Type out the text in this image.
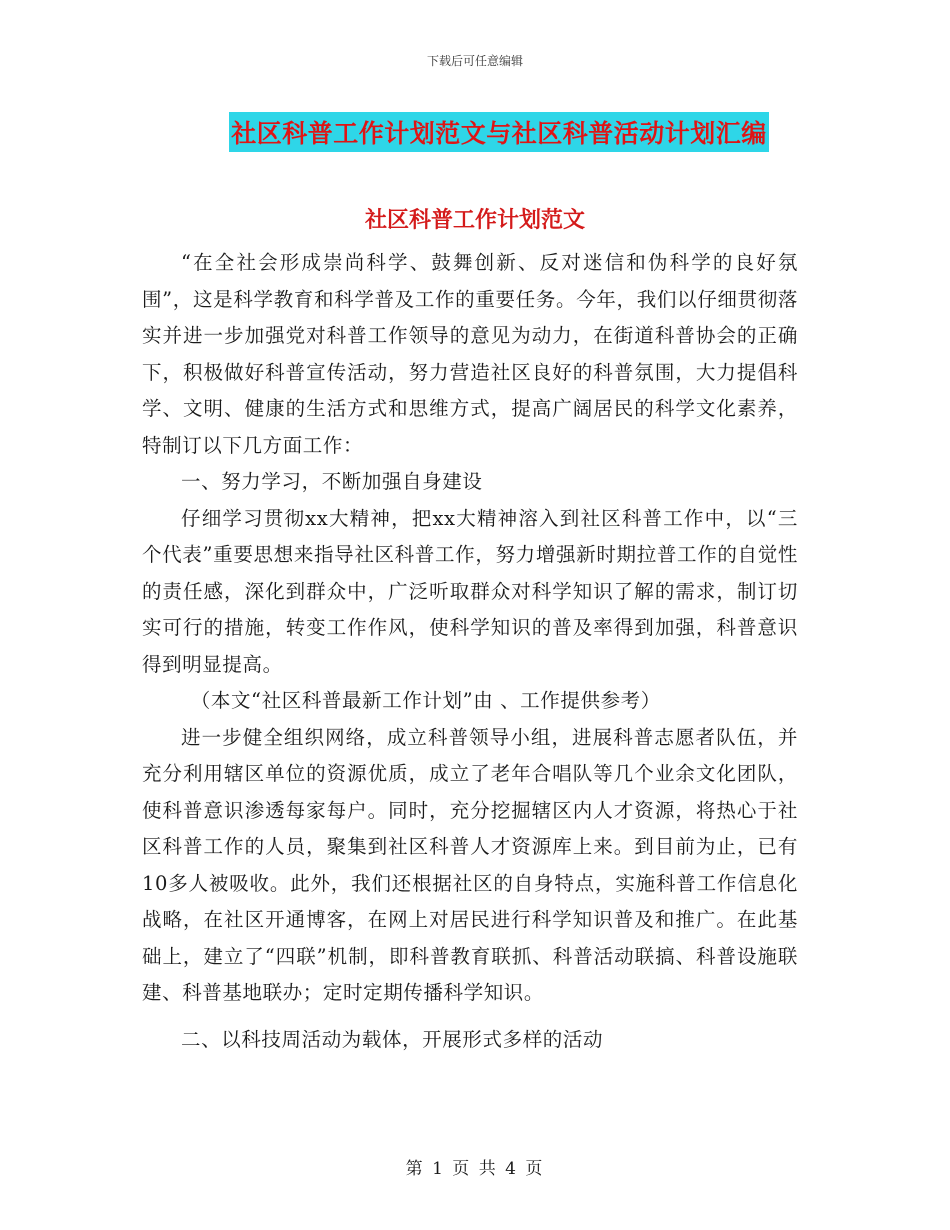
下载后可任意编辑
社区科普工作计划范文与社区科普活动计划汇编
社区科普工作计划范文

“在全社会形成崇尚科学、鼓舞创新、反对迷信和伪科学的良好氛围”，这是科学教育和科学普及工作的重要任务。今年，我们以仔细贯彻落实并进一步加强党对科普工作领导的意见为动力，在街道科普协会的正确下，积极做好科普宣传活动，努力营造社区良好的科普氛围，大力提倡科学、文明、健康的生活方式和思维方式，提高广阔居民的科学文化素养，特制订以下几方面工作：

一、努力学习，不断加强自身建设

仔细学习贯彻xx大精神，把xx大精神溶入到社区科普工作中，以“三个代表”重要思想来指导社区科普工作，努力增强新时期拉普工作的自觉性的责任感，深化到群众中，广泛听取群众对科学知识了解的需求，制订切实可行的措施，转变工作作风，使科学知识的普及率得到加强，科普意识得到明显提高。

（本文“社区科普最新工作计划”由 、工作提供参考）

进一步健全组织网络，成立科普领导小组，进展科普志愿者队伍，并充分利用辖区单位的资源优质，成立了老年合唱队等几个业余文化团队，使科普意识渗透每家每户。同时，充分挖掘辖区内人才资源，将热心于社区科普工作的人员，聚集到社区科普人才资源库上来。到目前为止，已有10多人被吸收。此外，我们还根据社区的自身特点，实施科普工作信息化战略，在社区开通博客，在网上对居民进行科学知识普及和推广。在此基础上，建立了“四联”机制，即科普教育联抓、科普活动联搞、科普设施联建、科普基地联办；定时定期传播科学知识。

二、以科技周活动为载体，开展形式多样的活动

第 1 页 共 4 页
